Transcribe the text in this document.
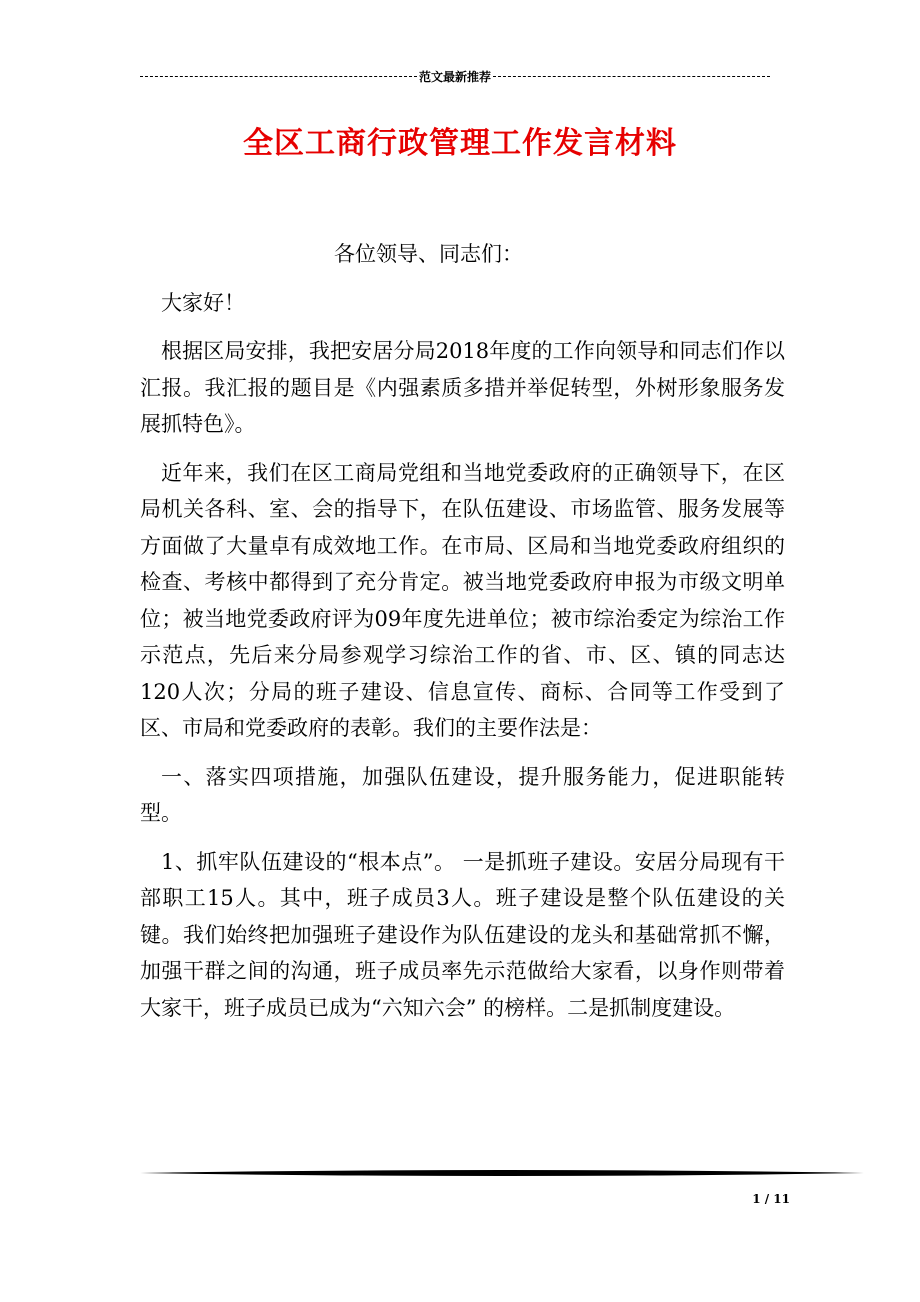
范文最新推荐
全区工商行政管理工作发言材料

各位领导、同志们：

大家好！

根据区局安排，我把安居分局2018年度的工作向领导和同志们作以汇报。我汇报的题目是《内强素质多措并举促转型，外树形象服务发展抓特色》。

近年来，我们在区工商局党组和当地党委政府的正确领导下，在区局机关各科、室、会的指导下，在队伍建设、市场监管、服务发展等方面做了大量卓有成效地工作。在市局、区局和当地党委政府组织的检查、考核中都得到了充分肯定。被当地党委政府申报为市级文明单位；被当地党委政府评为09年度先进单位；被市综治委定为综治工作示范点，先后来分局参观学习综治工作的省、市、区、镇的同志达120人次；分局的班子建设、信息宣传、商标、合同等工作受到了区、市局和党委政府的表彰。我们的主要作法是：

一、落实四项措施，加强队伍建设，提升服务能力，促进职能转型。

1、抓牢队伍建设的“根本点”。 一是抓班子建设。安居分局现有干部职工15人。其中，班子成员3人。班子建设是整个队伍建设的关键。我们始终把加强班子建设作为队伍建设的龙头和基础常抓不懈，加强干群之间的沟通，班子成员率先示范做给大家看，以身作则带着大家干，班子成员已成为“六知六会” 的榜样。二是抓制度建设。

1 / 11
